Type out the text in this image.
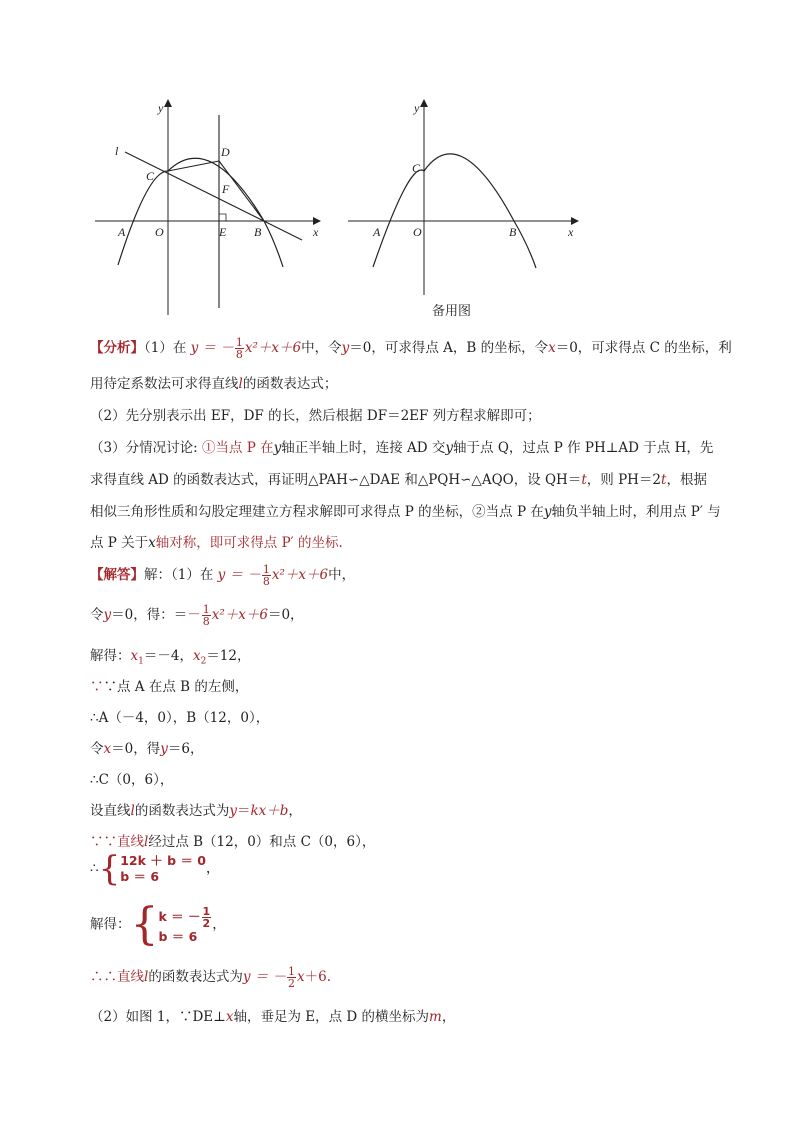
y
x
l
C
D
F
A O	E B
y
x
C
A	O	B
备用图
【分析】（1）在 y ＝ － $\frac{1}{8} x^2+x+6$中，令y＝0，可求得点 A，B 的坐标，令x＝0，可求得点 C 的坐标，利
用待定系数法可求得直线l的函数表达式；
（2）先分别表示出 EF，DF 的长，然后根据 DF＝2EF 列方程求解即可；
（3）分情况讨论: ①当点 P 在y轴正半轴上时，连接 AD 交y轴于点 Q，过点 P 作 PH⊥AD 于点 H，先
求得直线 AD 的函数表达式，再证明△PAH∽△DAE 和△PQH∽△AQO，设 QH＝t，则 PH＝2t，根据
相似三角形性质和勾股定理建立方程求解即可求得点 P 的坐标，②当点 P 在y轴负半轴上时，利用点 P′ 与
点 P 关于x轴对称，即可求得点 P′ 的坐标.
【解答】解：（1）在 y ＝ － $\frac{1}{8} x^2+x+6$中，
令y＝0，得：＝－ $\frac{1}{8} x^2+x+6=0$，
解得：$x_1=-4$，$x_2=12$，
∵∵点 A 在点 B 的左侧，
∴A（－4，0），B（12，0），
令x＝0，得y＝6，
∴C（0，6），
设直线l的函数表达式为y＝kx＋b，
∵∵直线l经过点 B（12，0）和点 C（0，6），
∴{ 12k ＋ b ＝ 0
b ＝ 6	，
解得：{ k ＝ － $\frac{1}{2}$
b ＝ 6
，
∴∴直线l的函数表达式为y ＝ － $\frac{1}{2} x+6$.
（2）如图 1，∵DE⊥x轴，垂足为 E，点 D 的横坐标为m，
